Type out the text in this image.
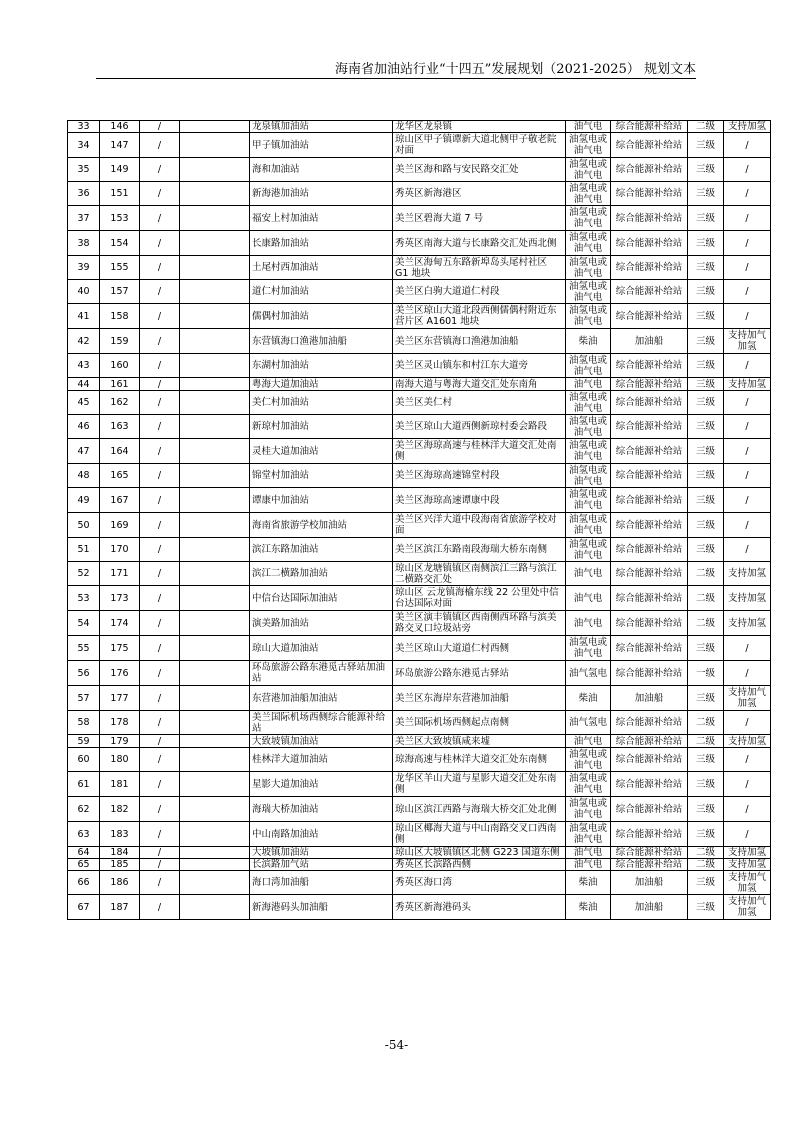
海南省加油站行业“十四五”发展规划（2021-2025） 规划文本
33	146	/		龙泉镇加油站	龙华区龙泉镇	油气电	综合能源补给站	二级	支持加氢
34	147	/		甲子镇加油站	琼山区甲子镇谭新大道北侧甲子敬老院对面	油氢电或油气电	综合能源补给站	三级	/
35	149	/		海和加油站	美兰区海和路与安民路交汇处	油氢电或油气电	综合能源补给站	三级	/
36	151	/		新海港加油站	秀英区新海港区	油氢电或油气电	综合能源补给站	三级	/
37	153	/		福安上村加油站	美兰区碧海大道 7 号	油氢电或油气电	综合能源补给站	三级	/
38	154	/		长康路加油站	秀英区南海大道与长康路交汇处西北侧	油氢电或油气电	综合能源补给站	三级	/
39	155	/		土尾村西加油站	美兰区海甸五东路新埠岛头尾村社区 G1 地块	油氢电或油气电	综合能源补给站	三级	/
40	157	/		道仁村加油站	美兰区白驹大道道仁村段	油氢电或油气电	综合能源补给站	三级	/
41	158	/		儒偶村加油站	美兰区琼山大道北段西侧儒偶村附近东营片区 A1601 地块	油氢电或油气电	综合能源补给站	三级	/
42	159	/		东营镇海口渔港加油船	美兰区东营镇海口渔港加油船	柴油	加油船	三级	支持加气加氢
43	160	/		东湖村加油站	美兰区灵山镇东和村江东大道旁	油氢电或油气电	综合能源补给站	三级	/
44	161	/		粤海大道加油站	南海大道与粤海大道交汇处东南角	油气电	综合能源补给站	三级	支持加氢
45	162	/		美仁村加油站	美兰区美仁村	油氢电或油气电	综合能源补给站	三级	/
46	163	/		新琼村加油站	美兰区琼山大道西侧新琼村委会路段	油氢电或油气电	综合能源补给站	三级	/
47	164	/		灵桂大道加油站	美兰区海琼高速与桂林洋大道交汇处南侧	油氢电或油气电	综合能源补给站	三级	/
48	165	/		锦堂村加油站	美兰区海琼高速锦堂村段	油氢电或油气电	综合能源补给站	三级	/
49	167	/		谭康中加油站	美兰区海琼高速谭康中段	油氢电或油气电	综合能源补给站	三级	/
50	169	/		海南省旅游学校加油站	美兰区兴洋大道中段海南省旅游学校对面	油氢电或油气电	综合能源补给站	三级	/
51	170	/		滨江东路加油站	美兰区滨江东路南段海瑞大桥东南侧	油氢电或油气电	综合能源补给站	三级	/
52	171	/		滨江二横路加油站	琼山区龙塘镇镇区南侧滨江三路与滨江二横路交汇处	油气电	综合能源补给站	二级	支持加氢
53	173	/		中信台达国际加油站	琼山区 云龙镇海榆东线 22 公里处中信台达国际对面	油气电	综合能源补给站	二级	支持加氢
54	174	/		演美路加油站	美兰区演丰镇镇区西南侧西环路与滨美路交叉口垃圾站旁	油气电	综合能源补给站	二级	支持加氢
55	175	/		琼山大道加油站	美兰区琼山大道道仁村西侧	油氢电或油气电	综合能源补给站	三级	/
56	176	/		环岛旅游公路东港觅古驿站加油站	环岛旅游公路东港觅古驿站	油气氢电	综合能源补给站	一级	/
57	177	/		东营港加油船加油站	美兰区东海岸东营港加油船	柴油	加油船	三级	支持加气加氢
58	178	/		美兰国际机场西侧综合能源补给站	美兰国际机场西侧起点南侧	油气氢电	综合能源补给站	二级	/
59	179	/		大致坡镇加油站	美兰区大致坡镇咸来墟	油气电	综合能源补给站	二级	支持加氢
60	180	/		桂林洋大道加油站	琼海高速与桂林洋大道交汇处东南侧	油氢电或油气电	综合能源补给站	三级	/
61	181	/		星影大道加油站	龙华区羊山大道与星影大道交汇处东南侧	油氢电或油气电	综合能源补给站	三级	/
62	182	/		海瑞大桥加油站	琼山区滨江西路与海瑞大桥交汇处北侧	油氢电或油气电	综合能源补给站	三级	/
63	183	/		中山南路加油站	琼山区椰海大道与中山南路交叉口西南侧	油氢电或油气电	综合能源补给站	三级	/
64	184	/		大坡镇加油站	琼山区大坡镇镇区北侧 G223 国道东侧	油气电	综合能源补给站	二级	支持加氢
65	185	/		长滨路加气站	秀英区长滨路西侧	油气电	综合能源补给站	二级	支持加氢
66	186	/		海口湾加油船	秀英区海口湾	柴油	加油船	三级	支持加气加氢
67	187	/		新海港码头加油船	秀英区新海港码头	柴油	加油船	三级	支持加气加氢
-54-
